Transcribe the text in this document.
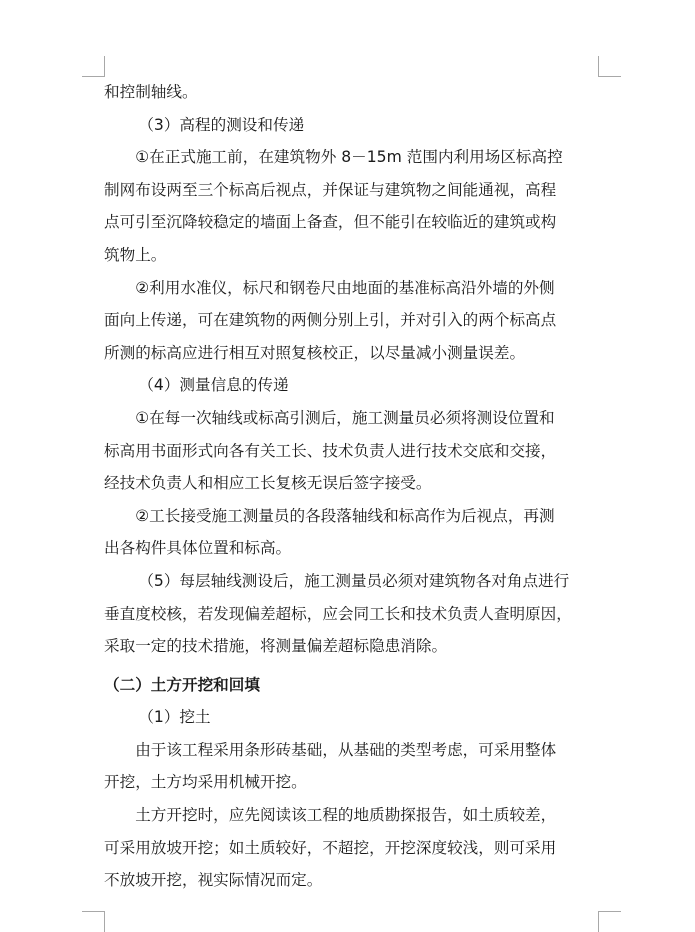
和控制轴线。

（3）高程的测设和传递

①在正式施工前，在建筑物外 8－15m 范围内利用场区标高控

制网布设两至三个标高后视点，并保证与建筑物之间能通视，高程

点可引至沉降较稳定的墙面上备查，但不能引在较临近的建筑或构

筑物上。

②利用水准仪，标尺和钢卷尺由地面的基准标高沿外墙的外侧

面向上传递，可在建筑物的两侧分别上引，并对引入的两个标高点

所测的标高应进行相互对照复核校正，以尽量减小测量误差。

（4）测量信息的传递

①在每一次轴线或标高引测后，施工测量员必须将测设位置和

标高用书面形式向各有关工长、技术负责人进行技术交底和交接，

经技术负责人和相应工长复核无误后签字接受。

②工长接受施工测量员的各段落轴线和标高作为后视点，再测

出各构件具体位置和标高。

（5）每层轴线测设后，施工测量员必须对建筑物各对角点进行

垂直度校核，若发现偏差超标，应会同工长和技术负责人查明原因，

采取一定的技术措施，将测量偏差超标隐患消除。

（二）土方开挖和回填

（1）挖土

由于该工程采用条形砖基础，从基础的类型考虑，可采用整体

开挖，土方均采用机械开挖。

土方开挖时，应先阅读该工程的地质勘探报告，如土质较差，

可采用放坡开挖；如土质较好，不超挖，开挖深度较浅，则可采用

不放坡开挖，视实际情况而定。
